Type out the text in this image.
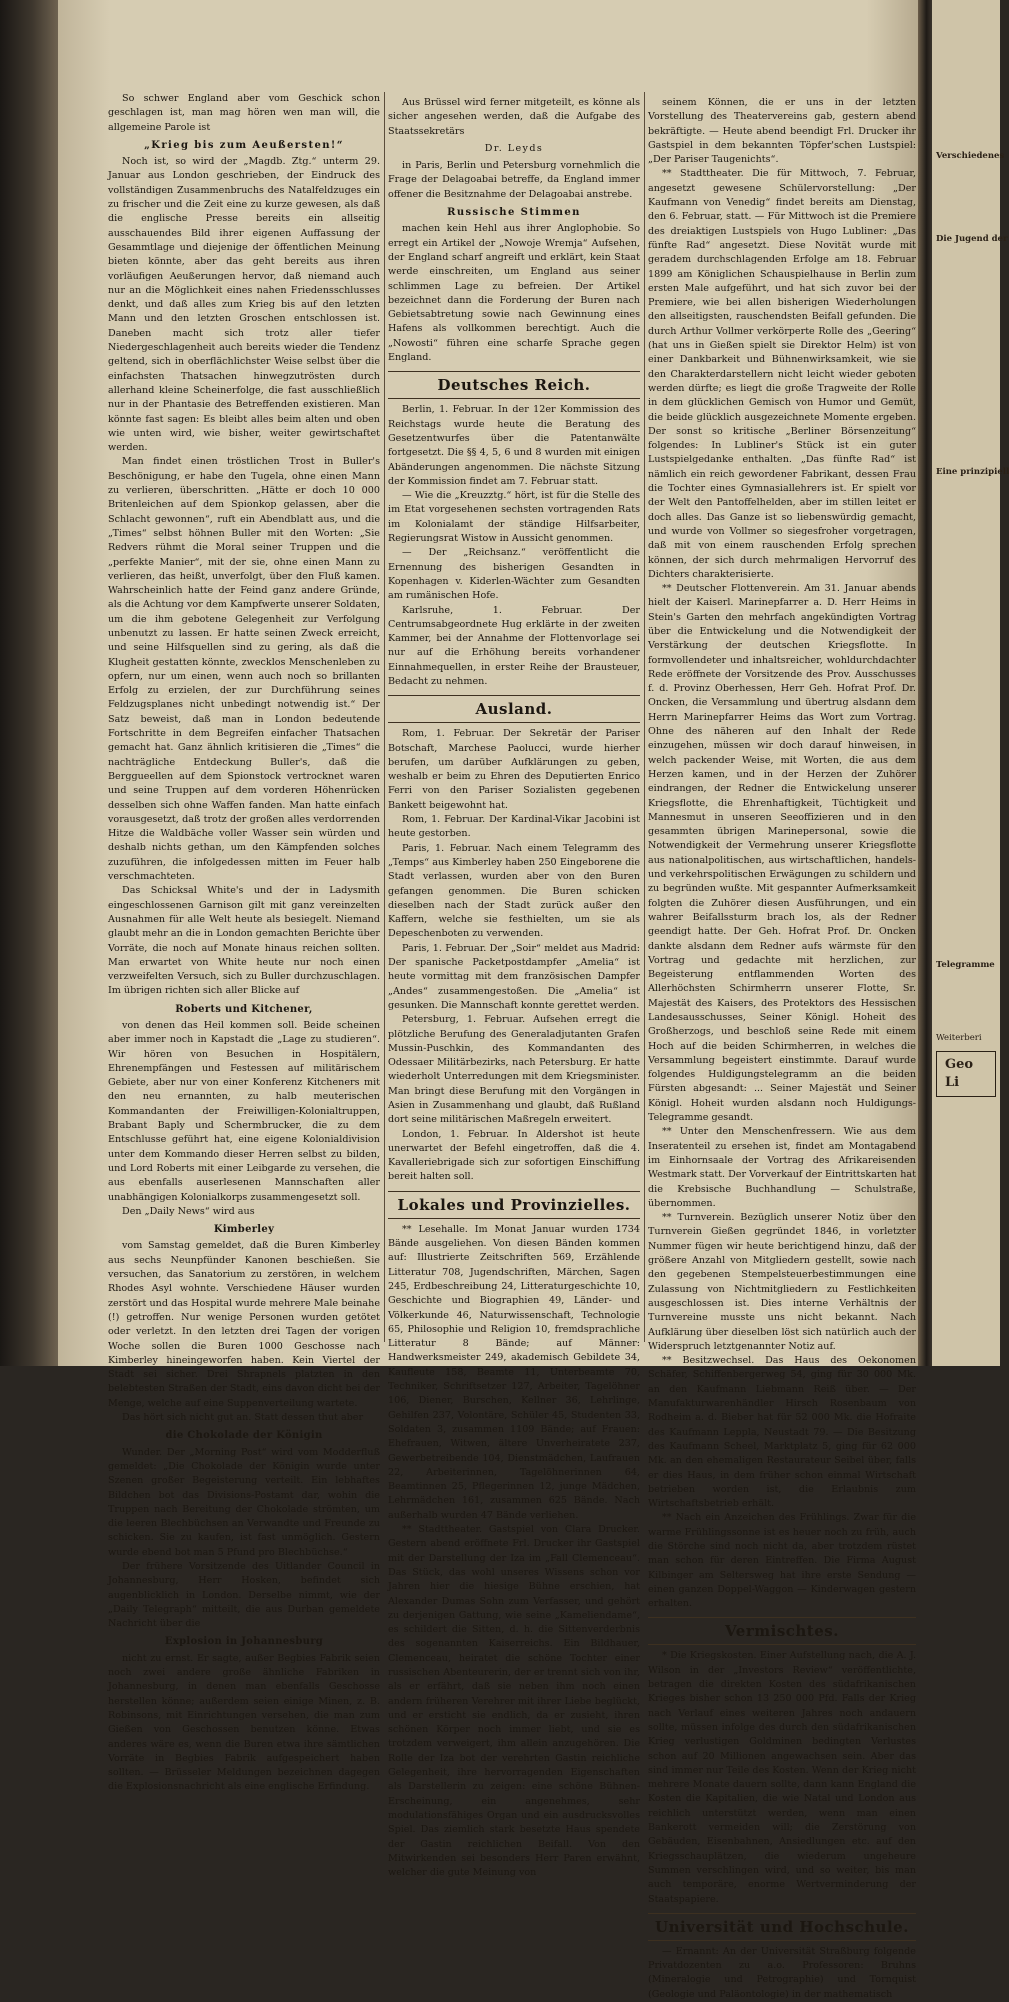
So schwer England aber vom Geschick schon geschlagen ist, man mag hören wen man will, die allgemeine Parole ist

„Krieg bis zum Aeußersten!“

Noch ist, so wird der „Magdb. Ztg.“ unterm 29. Januar aus London geschrieben, der Eindruck des vollständigen Zusammenbruchs des Natalfeldzuges ein zu frischer und die Zeit eine zu kurze gewesen, als daß die englische Presse bereits ein allseitig ausschauendes Bild ihrer eigenen Auffassung der Gesammtlage und diejenige der öffentlichen Meinung bieten könnte, aber das geht bereits aus ihren vorläufigen Aeußerungen hervor, daß niemand auch nur an die Möglichkeit eines nahen Friedensschlusses denkt, und daß alles zum Krieg bis auf den letzten Mann und den letzten Groschen entschlossen ist. Daneben macht sich trotz aller tiefer Niedergeschlagenheit auch bereits wieder die Tendenz geltend, sich in oberflächlichster Weise selbst über die einfachsten Thatsachen hinwegzutrösten durch allerhand kleine Scheinerfolge, die fast ausschließlich nur in der Phantasie des Betreffenden existieren. Man könnte fast sagen: Es bleibt alles beim alten und oben wie unten wird, wie bisher, weiter gewirtschaftet werden.

Man findet einen tröstlichen Trost in Buller's Beschönigung, er habe den Tugela, ohne einen Mann zu verlieren, überschritten. „Hätte er doch 10 000 Britenleichen auf dem Spionkop gelassen, aber die Schlacht gewonnen“, ruft ein Abendblatt aus, und die „Times“ selbst höhnen Buller mit den Worten: „Sie Redvers rühmt die Moral seiner Truppen und die „perfekte Manier“, mit der sie, ohne einen Mann zu verlieren, das heißt, unverfolgt, über den Fluß kamen. Wahrscheinlich hatte der Feind ganz andere Gründe, als die Achtung vor dem Kampfwerte unserer Soldaten, um die ihm gebotene Gelegenheit zur Verfolgung unbenutzt zu lassen. Er hatte seinen Zweck erreicht, und seine Hilfsquellen sind zu gering, als daß die Klugheit gestatten könnte, zwecklos Menschenleben zu opfern, nur um einen, wenn auch noch so brillanten Erfolg zu erzielen, der zur Durchführung seines Feldzugsplanes nicht unbedingt notwendig ist.“ Der Satz beweist, daß man in London bedeutende Fortschritte in dem Begreifen einfacher Thatsachen gemacht hat. Ganz ähnlich kritisieren die „Times“ die nachträgliche Entdeckung Buller's, daß die Berggueellen auf dem Spionstock vertrocknet waren und seine Truppen auf dem vorderen Höhenrücken desselben sich ohne Waffen fanden. Man hatte einfach vorausgesetzt, daß trotz der großen alles verdorrenden Hitze die Waldbäche voller Wasser sein würden und deshalb nichts gethan, um den Kämpfenden solches zuzuführen, die infolgedessen mitten im Feuer halb verschmachteten.

Das Schicksal White's und der in Ladysmith eingeschlossenen Garnison gilt mit ganz vereinzelten Ausnahmen für alle Welt heute als besiegelt. Niemand glaubt mehr an die in London gemachten Berichte über Vorräte, die noch auf Monate hinaus reichen sollten. Man erwartet von White heute nur noch einen verzweifelten Versuch, sich zu Buller durchzuschlagen. Im übrigen richten sich aller Blicke auf

Roberts und Kitchener,

von denen das Heil kommen soll. Beide scheinen aber immer noch in Kapstadt die „Lage zu studieren“. Wir hören von Besuchen in Hospitälern, Ehrenempfängen und Festessen auf militärischem Gebiete, aber nur von einer Konferenz Kitcheners mit den neu ernannten, zu halb meuterischen Kommandanten der Freiwilligen-Kolonialtruppen, Brabant Baply und Schermbrucker, die zu dem Entschlusse geführt hat, eine eigene Kolonialdivision unter dem Kommando dieser Herren selbst zu bilden, und Lord Roberts mit einer Leibgarde zu versehen, die aus ebenfalls auserlesenen Mannschaften aller unabhängigen Kolonialkorps zusammengesetzt soll.

Den „Daily News“ wird aus

Kimberley

vom Samstag gemeldet, daß die Buren Kimberley aus sechs Neunpfünder Kanonen beschießen. Sie versuchen, das Sanatorium zu zerstören, in welchem Rhodes Asyl wohnte. Verschiedene Häuser wurden zerstört und das Hospital wurde mehrere Male beinahe (!) getroffen. Nur wenige Personen wurden getötet oder verletzt. In den letzten drei Tagen der vorigen Woche sollen die Buren 1000 Geschosse nach Kimberley hineingeworfen haben. Kein Viertel der Stadt sei sicher. Drei Shrapnels platzten in den belebtesten Straßen der Stadt, eins davon dicht bei der Menge, welche auf eine Suppenverteilung wartete.

Das hört sich nicht gut an. Statt dessen thut aber

die Chokolade der Königin

Wunder. Der „Morning Post“ wird vom Modderfluß gemeldet: „Die Chokolade der Königin wurde unter Szenen großer Begeisterung verteilt. Ein lebhaftes Bildchen bot das Divisions-Postamt dar, wohin die Truppen nach Bereitung der Chokolade strömten, um die leeren Blechbüchsen an Verwandte und Freunde zu schicken. Sie zu kaufen, ist fast unmöglich. Gestern wurde ebend bot man 5 Pfund pro Blechbüchse.“

Der frühere Vorsitzende des Uitlander Council in Johannesburg, Herr Hosken, befindet sich augenblicklich in London. Derselbe nimmt, wie der „Daily Telegraph“ mitteilt, die aus Durban gemeldete Nachricht über die

Explosion in Johannesburg

nicht zu ernst. Er sagte, außer Begbies Fabrik seien noch zwei andere große ähnliche Fabriken in Johannesburg, in denen man ebenfalls Geschosse herstellen könne; außerdem seien einige Minen, z. B. Robinsons, mit Einrichtungen versehen, die man zum Gießen von Geschossen benutzen könne. Etwas anderes wäre es, wenn die Buren etwa ihre sämtlichen Vorräte in Begbies Fabrik aufgespeichert haben sollten. — Brüsseler Meldungen bezeichnen dagegen die Explosionsnachricht als eine englische Erfindung.

Aus Brüssel wird ferner mitgeteilt, es könne als sicher angesehen werden, daß die Aufgabe des Staatssekretärs

Dr. Leyds

in Paris, Berlin und Petersburg vornehmlich die Frage der Delagoabai betreffe, da England immer offener die Besitznahme der Delagoabai anstrebe.

Russische Stimmen

machen kein Hehl aus ihrer Anglophobie. So erregt ein Artikel der „Nowoje Wremja“ Aufsehen, der England scharf angreift und erklärt, kein Staat werde einschreiten, um England aus seiner schlimmen Lage zu befreien. Der Artikel bezeichnet dann die Forderung der Buren nach Gebietsabtretung sowie nach Gewinnung eines Hafens als vollkommen berechtigt. Auch die „Nowosti“ führen eine scharfe Sprache gegen England.

Deutsches Reich.

Berlin, 1. Februar. In der 12er Kommission des Reichstags wurde heute die Beratung des Gesetzentwurfes über die Patentanwälte fortgesetzt. Die §§ 4, 5, 6 und 8 wurden mit einigen Abänderungen angenommen. Die nächste Sitzung der Kommission findet am 7. Februar statt.

— Wie die „Kreuzztg.“ hört, ist für die Stelle des im Etat vorgesehenen sechsten vortragenden Rats im Kolonialamt der ständige Hilfsarbeiter, Regierungsrat Wistow in Aussicht genommen.

— Der „Reichsanz.“ veröffentlicht die Ernennung des bisherigen Gesandten in Kopenhagen v. Kiderlen-Wächter zum Gesandten am rumänischen Hofe.

Karlsruhe, 1. Februar. Der Centrumsabgeordnete Hug erklärte in der zweiten Kammer, bei der Annahme der Flottenvorlage sei nur auf die Erhöhung bereits vorhandener Einnahmequellen, in erster Reihe der Brausteuer, Bedacht zu nehmen.

Ausland.

Rom, 1. Februar. Der Sekretär der Pariser Botschaft, Marchese Paolucci, wurde hierher berufen, um darüber Aufklärungen zu geben, weshalb er beim zu Ehren des Deputierten Enrico Ferri von den Pariser Sozialisten gegebenen Bankett beigewohnt hat.

Rom, 1. Februar. Der Kardinal-Vikar Jacobini ist heute gestorben.

Paris, 1. Februar. Nach einem Telegramm des „Temps“ aus Kimberley haben 250 Eingeborene die Stadt verlassen, wurden aber von den Buren gefangen genommen. Die Buren schicken dieselben nach der Stadt zurück außer den Kaffern, welche sie festhielten, um sie als Depeschenboten zu verwenden.

Paris, 1. Februar. Der „Soir“ meldet aus Madrid: Der spanische Packetpostdampfer „Amelia“ ist heute vormittag mit dem französischen Dampfer „Andes“ zusammengestoßen. Die „Amelia“ ist gesunken. Die Mannschaft konnte gerettet werden.

Petersburg, 1. Februar. Aufsehen erregt die plötzliche Berufung des Generaladjutanten Grafen Mussin-Puschkin, des Kommandanten des Odessaer Militärbezirks, nach Petersburg. Er hatte wiederholt Unterredungen mit dem Kriegsminister. Man bringt diese Berufung mit den Vorgängen in Asien in Zusammenhang und glaubt, daß Rußland dort seine militärischen Maßregeln erweitert.

London, 1. Februar. In Aldershot ist heute unerwartet der Befehl eingetroffen, daß die 4. Kavalleriebrigade sich zur sofortigen Einschiffung bereit halten soll.

Lokales und Provinzielles.

** Lesehalle. Im Monat Januar wurden 1734 Bände ausgeliehen. Von diesen Bänden kommen auf: Illustrierte Zeitschriften 569, Erzählende Litteratur 708, Jugendschriften, Märchen, Sagen 245, Erdbeschreibung 24, Litteraturgeschichte 10, Geschichte und Biographien 49, Länder- und Völkerkunde 46, Naturwissenschaft, Technologie 65, Philosophie und Religion 10, fremdsprachliche Litteratur 8 Bände; auf Männer: Handwerksmeister 249, akademisch Gebildete 34, Kaufleute 158, Beamte 11, Unterbeamte 70, Techniker, Schriftsetzer 127, Arbeiter, Tagelöhner 106, Diener, Burschen, Kellner 36, Lehrlinge, Gehilfen 237, Volontäre, Schüler 45, Studenten 33, Soldaten 3, zusammen 1109 Bände; auf Frauen: Ehefrauen, Witwen, ältere Unverheiratete 237, Gewerbetreibende 104, Dienstmädchen, Laufrauen 22, Arbeiterinnen, Tagelöhnerinnen 64, Beamtinnen 25, Pflegerinnen 12, junge Mädchen, Lehrmädchen 161, zusammen 625 Bände. Nach außerhalb wurden 47 Bände verliehen.

** Stadttheater. Gastspiel von Clara Drucker. Gestern abend eröffnete Frl. Drucker ihr Gastspiel mit der Darstellung der Iza im „Fall Clemenceau“. Das Stück, das wohl unseres Wissens schon vor Jahren hier die hiesige Bühne erschien, hat Alexander Dumas Sohn zum Verfasser, und gehört zu derjenigen Gattung, wie seine „Kameliendame“, es schildert die Sitten, d. h. die Sittenverderbnis des sogenannten Kaiserreichs. Ein Bildhauer, Clemenceau, heiratet die schöne Tochter einer russischen Abenteurerin, der er trennt sich von ihr, als er erfährt, daß sie neben ihm noch einen andern früheren Verehrer mit ihrer Liebe beglückt, und er ersticht sie endlich, da er zusieht, ihren schönen Körper noch immer liebt, und sie es trotzdem verweigert, ihm allein anzugehören. Die Rolle der Iza bot der verehrten Gastin reichliche Gelegenheit, ihre hervorragenden Eigenschaften als Darstellerin zu zeigen: eine schöne Bühnen-Erscheinung, ein angenehmes, sehr modulationsfähiges Organ und ein ausdrucksvolles Spiel. Das ziemlich stark besetzte Haus spendete der Gastin reichlichen Beifall. Von den Mitwirkenden sei besonders Herr Paren erwähnt, welcher die gute Meinung von

seinem Können, die er uns in der letzten Vorstellung des Theatervereins gab, gestern abend bekräftigte. — Heute abend beendigt Frl. Drucker ihr Gastspiel in dem bekannten Töpfer'schen Lustspiel: „Der Pariser Taugenichts“.

** Stadttheater. Die für Mittwoch, 7. Februar, angesetzt gewesene Schülervorstellung: „Der Kaufmann von Venedig“ findet bereits am Dienstag, den 6. Februar, statt. — Für Mittwoch ist die Premiere des dreiaktigen Lustspiels von Hugo Lubliner: „Das fünfte Rad“ angesetzt. Diese Novität wurde mit geradem durchschlagenden Erfolge am 18. Februar 1899 am Königlichen Schauspielhause in Berlin zum ersten Male aufgeführt, und hat sich zuvor bei der Premiere, wie bei allen bisherigen Wiederholungen den allseitigsten, rauschendsten Beifall gefunden. Die durch Arthur Vollmer verkörperte Rolle des „Geering“ (hat uns in Gießen spielt sie Direktor Helm) ist von einer Dankbarkeit und Bühnenwirksamkeit, wie sie den Charakterdarstellern nicht leicht wieder geboten werden dürfte; es liegt die große Tragweite der Rolle in dem glücklichen Gemisch von Humor und Gemüt, die beide glücklich ausgezeichnete Momente ergeben. Der sonst so kritische „Berliner Börsenzeitung“ folgendes: In Lubliner's Stück ist ein guter Lustspielgedanke enthalten. „Das fünfte Rad“ ist nämlich ein reich gewordener Fabrikant, dessen Frau die Tochter eines Gymnasiallehrers ist. Er spielt vor der Welt den Pantoffelhelden, aber im stillen leitet er doch alles. Das Ganze ist so liebenswürdig gemacht, und wurde von Vollmer so siegesfroher vorgetragen, daß mit von einem rauschenden Erfolg sprechen können, der sich durch mehrmaligen Hervorruf des Dichters charakterisierte.

** Deutscher Flottenverein. Am 31. Januar abends hielt der Kaiserl. Marinepfarrer a. D. Herr Heims in Stein's Garten den mehrfach angekündigten Vortrag über die Entwickelung und die Notwendigkeit der Verstärkung der deutschen Kriegsflotte. In formvollendeter und inhaltsreicher, wohldurchdachter Rede eröffnete der Vorsitzende des Prov. Ausschusses f. d. Provinz Oberhessen, Herr Geh. Hofrat Prof. Dr. Oncken, die Versammlung und übertrug alsdann dem Herrn Marinepfarrer Heims das Wort zum Vortrag. Ohne des näheren auf den Inhalt der Rede einzugehen, müssen wir doch darauf hinweisen, in welch packender Weise, mit Worten, die aus dem Herzen kamen, und in der Herzen der Zuhörer eindrangen, der Redner die Entwickelung unserer Kriegsflotte, die Ehrenhaftigkeit, Tüchtigkeit und Mannesmut in unseren Seeoffizieren und in den gesammten übrigen Marinepersonal, sowie die Notwendigkeit der Vermehrung unserer Kriegsflotte aus nationalpolitischen, aus wirtschaftlichen, handels- und verkehrspolitischen Erwägungen zu schildern und zu begründen wußte. Mit gespannter Aufmerksamkeit folgten die Zuhörer diesen Ausführungen, und ein wahrer Beifallssturm brach los, als der Redner geendigt hatte. Der Geh. Hofrat Prof. Dr. Oncken dankte alsdann dem Redner aufs wärmste für den Vortrag und gedachte mit herzlichen, zur Begeisterung entflammenden Worten des Allerhöchsten Schirmherrn unserer Flotte, Sr. Majestät des Kaisers, des Protektors des Hessischen Landesausschusses, Seiner Königl. Hoheit des Großherzogs, und beschloß seine Rede mit einem Hoch auf die beiden Schirmherren, in welches die Versammlung begeistert einstimmte. Darauf wurde folgendes Huldigungstelegramm an die beiden Fürsten abgesandt: ... Seiner Majestät und Seiner Königl. Hoheit wurden alsdann noch Huldigungs-Telegramme gesandt.

** Unter den Menschenfressern. Wie aus dem Inseratenteil zu ersehen ist, findet am Montagabend im Einhornsaale der Vortrag des Afrikareisenden Westmark statt. Der Vorverkauf der Eintrittskarten hat die Krebsische Buchhandlung — Schulstraße, übernommen.

** Turnverein. Bezüglich unserer Notiz über den Turnverein Gießen gegründet 1846, in vorletzter Nummer fügen wir heute berichtigend hinzu, daß der größere Anzahl von Mitgliedern gestellt, sowie nach den gegebenen Stempelsteuerbestimmungen eine Zulassung von Nichtmitgliedern zu Festlichkeiten ausgeschlossen ist. Dies interne Verhältnis der Turnvereine musste uns nicht bekannt. Nach Aufklärung über dieselben löst sich natürlich auch der Widerspruch letztgenannter Notiz auf.

** Besitzwechsel. Das Haus des Oekonomen Schäfer, Schiffenbergerweg 54, ging für 30 000 Mk. an den Kaufmann Liebmann Reiß über. — Der Manufakturwarenhändler Hirsch Rosenbaum von Rodheim a. d. Bieber hat für 52 000 Mk. die Hofraite des Kaufmann Leppla, Neustadt 79. — Die Besitzung des Kaufmann Scheel, Marktplatz 5, ging für 62 000 Mk. an den ehemaligen Restaurateur Seibel über, falls er dies Haus, in dem früher schon einmal Wirtschaft betrieben worden ist, die Erlaubnis zum Wirtschaftsbetrieb erhält.

** Nach ein Anzeichen des Frühlings. Zwar für die warme Frühlingssonne ist es heuer noch zu früh, auch die Störche sind noch nicht da, aber trotzdem rüstet man schon für deren Eintreffen. Die Firma August Kilbinger am Seltersweg hat ihre erste Sendung — einen ganzen Doppel-Waggon — Kinderwagen gestern erhalten.

Vermischtes.

* Die Kriegskosten. Einer Aufstellung nach, die A. J. Wilson in der „Investors Review“ veröffentlichte, betragen die direkten Kosten des südafrikanischen Krieges bisher schon 13 250 000 Pfd. Falls der Krieg nach Verlauf eines weiteren Jahres noch andauern sollte, müssen infolge des durch den südafrikanischen Krieg verlustigen Goldminen bedingten Verlustes schon auf 20 Millionen angewachsen sein. Aber das sind immer nur Teile des Kosten. Wenn der Krieg nicht mehrere Monate dauern sollte, dann kann England die Kosten die Kapitalien, die wie Natal und London aus reichlich unterstützt werden, wenn man einen Bankerott vermeiden will; die Zerstörung von Gebäuden, Eisenbahnen, Ansiedlungen etc. auf den Kriegsschauplätzen, die wiederum ungeheure Summen verschlingen wird, und so weiter, bis man auch temporäre, enorme Wertverminderung der Staatspapiere.

Universität und Hochschule.

— Ernannt: An der Universität Straßburg folgende Privatdozenten zu a.o. Professoren: Bruhns (Mineralogie und Petrographie) und Tornquist (Geologie und Paläontologie) in der mathematisch

Verschiedenes
Die Jugend der
Eine prinzipiell
Telegramme
Weiterberi
Geo
Li
